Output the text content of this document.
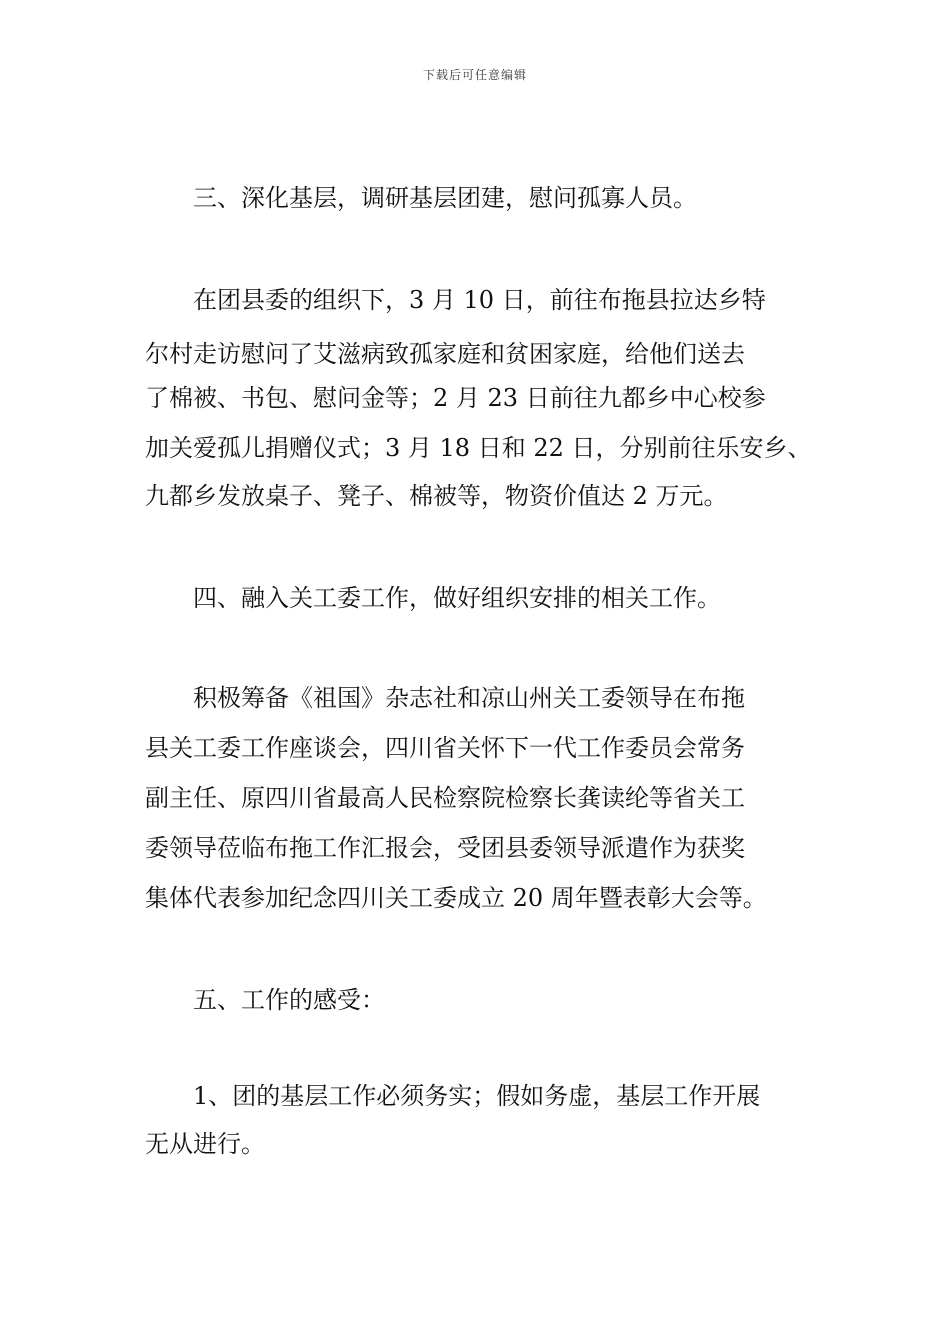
下载后可任意编辑
三、深化基层，调研基层团建，慰问孤寡人员。
在团县委的组织下，3 月 10 日，前往布拖县拉达乡特
尔村走访慰问了艾滋病致孤家庭和贫困家庭，给他们送去
了棉被、书包、慰问金等；2 月 23 日前往九都乡中心校参
加关爱孤儿捐赠仪式；3 月 18 日和 22 日，分别前往乐安乡、
九都乡发放桌子、凳子、棉被等，物资价值达 2 万元。
四、融入关工委工作，做好组织安排的相关工作。
积极筹备《祖国》杂志社和凉山州关工委领导在布拖
县关工委工作座谈会，四川省关怀下一代工作委员会常务
副主任、原四川省最高人民检察院检察长龚读纶等省关工
委领导莅临布拖工作汇报会，受团县委领导派遣作为获奖
集体代表参加纪念四川关工委成立 20 周年暨表彰大会等。
五、工作的感受：
1、团的基层工作必须务实；假如务虚，基层工作开展
无从进行。
